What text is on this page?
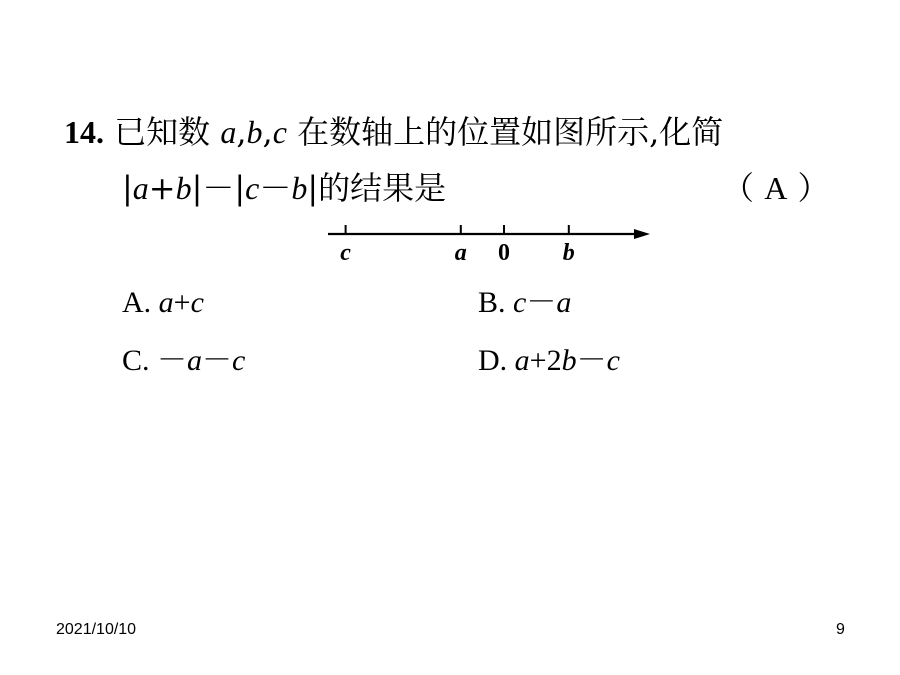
14. 已知数 a,b,c 在数轴上的位置如图所示,化简
|a+b|－|c－b|的结果是	（ A ）
c	a 0 b
A. a+c	B. c－a
C. －a－c	D. a+2b－c
2021/10/10	9
